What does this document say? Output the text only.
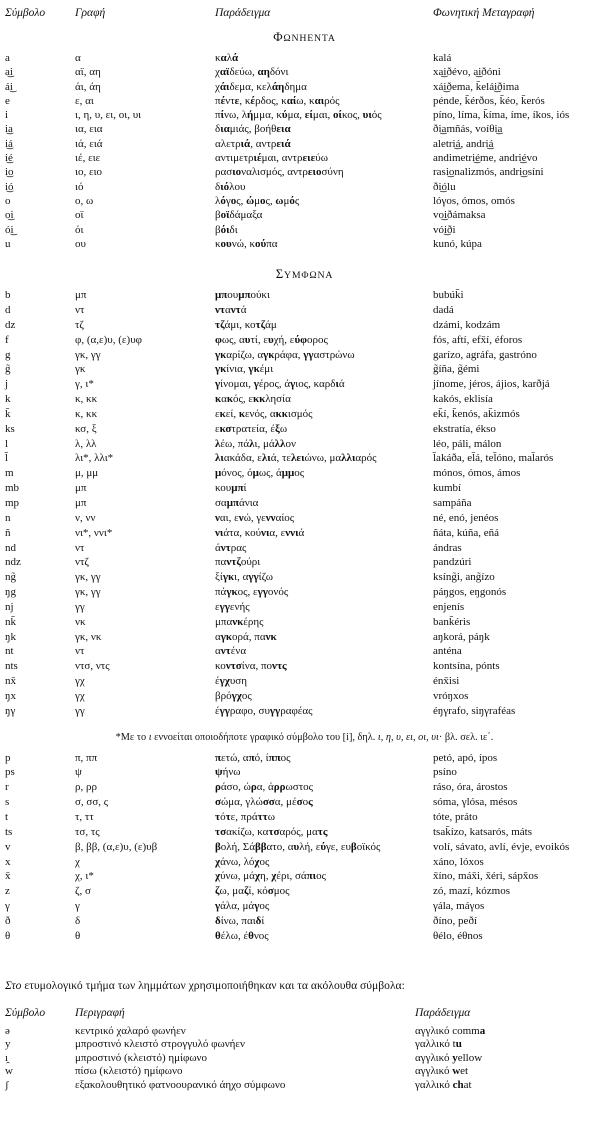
Σύμβολο	Γραφή	Παράδειγμα	Φωνητική Μεταγραφή
ΦΩΝΗΕΝΤΑ
a	α	καλά	kalá
a͜i	αϊ, αη	χαϊδεύω, αηδόνι	xa͜iðévo, a͜iðóni
á͜i	άι, άη	χάιδεμα, κελάηδημα	xá͜iðema, k̄elá͜iðima
e	ε, αι	πέντε, κέρδος, καίω, καιρός	pénde, k̄érðos, k̄éo, k̄erós
i	ι, η, υ, ει, οι, υι	πίνω, λήμμα, κύμα, είμαι, οίκος, υιός	píno, líma, k̄íma, íme, íkos, iós
i͜a	ια, εια	διαμιάς, βοήθεια	ði͜amñás, voíθi͜a
i͜á	ιά, ειά	αλετριά, αντρειά	aletri͜á, andri͜á
i͜é	ιέ, ειε	αντιμετριέμαι, αντρειεύω	andimetri͜éme, andri͜évo
i͜o	ιο, ειο	ρασιοναλισμός, αντρειοσύνη	rasi͜onalizmós, andri͜osíni
i͜ó	ιό	διόλου	ði͜ólu
o	ο, ω	λόγος, ώμος, ωμός	lóγos, ómos, omós
o͜i	οϊ	βοϊδάμαξα	vo͜iðámaksa
ó͜i	όι	βόιδι	vó͜iði
u	ου	κουνώ, κούπα	kunó, kúpa
ΣΥΜΦΩΝΑ
b	μπ	μπουμπούκι	bubúk̄i
d	ντ	νταντά	dadá
dz	τζ	τζάμι, κοτζάμ	dzámi, kodzám
f	φ, (α,ε)υ, (ε)υφ	φως, αυτί, ευχή, εύφορος	fós, aftí, efx̄í, éforos
g	γκ, γγ	γκαρίζω, αγκράφα, γγαστρώνω	garízo, agráfa, gastróno
g̃	γκ	γκίνια, γκέμι	g̃íña, g̃émi
j	γ, ι*	γίνομαι, γέρος, άγιος, καρδιά	jínome, jéros, ájios, karðjá
k	κ, κκ	κακός, εκκλησία	kakós, eklisía
k̄	κ, κκ	εκεί, κενός, ακκισμός	ek̄í, k̄enós, ak̄izmós
ks	κσ, ξ	εκστρατεία, έξω	ekstratía, ékso
l	λ, λλ	λέω, πάλι, μάλλον	léo, páli, málon
l̄	λι*, λλι*	λιακάδα, ελιά, τελειώνω, μαλλιαρός	l̄akáða, el̄á, tel̄óno, mal̄arós
m	μ, μμ	μόνος, όμως, άμμος	mónos, ómos, ámos
mb	μπ	κουμπί	kumbí
mp	μπ	σαμπάνια	sampáña
n	ν, νν	ναι, ενώ, γενναίος	né, enó, jenéos
ñ	νι*, ννι*	νιάτα, κούνια, εννιά	ñáta, kúña, eñá
nd	ντ	άντρας	ándras
ndz	ντζ	παντζούρι	pandzúri
ng̃	γκ, γγ	ξίγκι, αγγίζω	ksíng̃i, ang̃ízo
ŋg	γκ, γγ	πάγκος, εγγονός	páŋgos, eŋgonós
nj	γγ	εγγενής	enjenís
nk̄	νκ	μπανκέρης	bank̄éris
ŋk	γκ, νκ	αγκορά, πανκ	aŋkorá, páŋk
nt	ντ	αντένα	anténa
nts	ντσ, ντς	κοντσίνα, ποντς	kontsína, pónts
nx̄	γχ	έγχυση	énx̄isi
ŋx	γχ	βρόγχος	vróŋxos
ŋγ	γγ	έγγραφο, συγγραφέας	éŋγrafo, siŋγraféas
*Με το ι εννοείται οποιοδήποτε γραφικό σύμβολο του [i], δηλ. ι, η, υ, ει, οι, υι· βλ. σελ. ιε΄.
p	π, ππ	πετώ, από, ίππος	petó, apó, ípos
ps	ψ	ψήνω	psíno
r	ρ, ρρ	ράσο, ώρα, άρρωστος	ráso, óra, árostos
s	σ, σσ, ς	σώμα, γλώσσα, μέσος	sóma, γlósa, mésos
t	τ, ττ	τότε, πράττω	tóte, práto
ts	τσ, τς	τσακίζω, κατσαρός, ματς	tsak̄ízo, katsarós, máts
v	β, ββ, (α,ε)υ, (ε)υβ	βολή, Σάββατο, αυλή, εύγε, ευβοϊκός	volí, sávato, avlí, évje, evoikós
x	χ	χάνω, λόχος	xáno, lóxos
x̄	χ, ι*	χύνω, μάχη, χέρι, σάπιος	x̄íno, máx̄i, x̄éri, sápx̄os
z	ζ, σ	ζω, μαζί, κόσμος	zó, mazí, kózmos
γ	γ	γάλα, μάγος	γála, máγos
ð	δ	δίνω, παιδί	ðíno, peðí
θ	θ	θέλω, έθνος	θélo, éθnos

Στο ετυμολογικό τμήμα των λημμάτων χρησιμοποιήθηκαν και τα ακόλουθα σύμβολα:

Σύμβολο	Περιγραφή	Παράδειγμα
ə	κεντρικό χαλαρό φωνήεν	αγγλικό comma
y	μπροστινό κλειστό στρογγυλό φωνήεν	γαλλικό tu
ı̯	μπροστινό (κλειστό) ημίφωνο	αγγλικό yellow
w	πίσω (κλειστό) ημίφωνο	αγγλικό wet
ʃ	εξακολουθητικό φατνοουρανικό άηχο σύμφωνο	γαλλικό chat
